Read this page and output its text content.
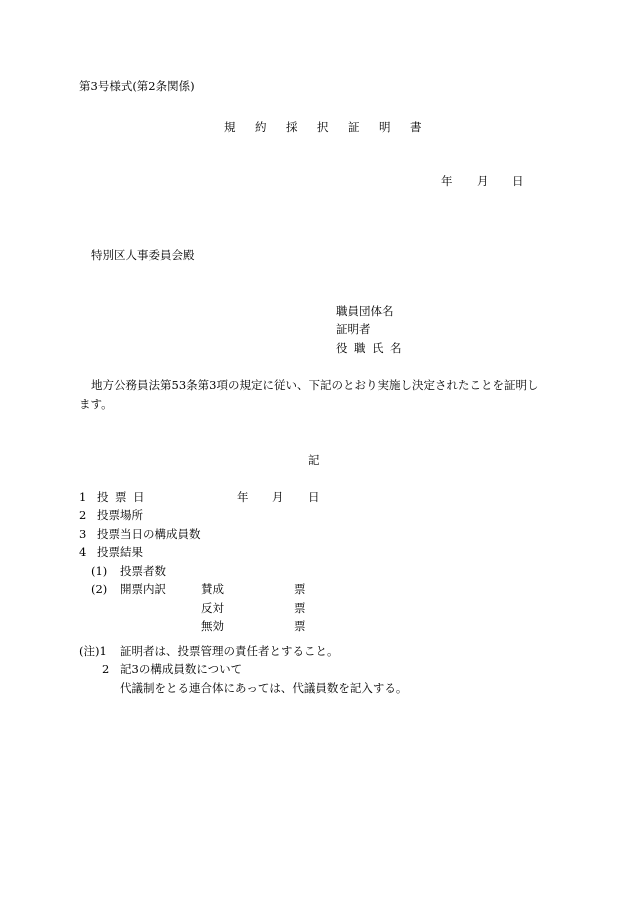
第3号様式(第2条関係)
規 約 採 択 証 明 書
年 月 日
特別区人事委員会殿
職員団体名
証明者
役 職 氏 名
地方公務員法第53条第3項の規定に従い、下記のとおり実施し決定されたことを証明し
ます。
記
1 投 票 日	年 月 日
2 投票場所
3 投票当日の構成員数
4 投票結果
(1) 投票者数
(2) 開票内訳	賛成	票
反対	票
無効	票
(注)1 証明者は、投票管理の責任者とすること。
2 記3の構成員数について
代議制をとる連合体にあっては、代議員数を記入する。
